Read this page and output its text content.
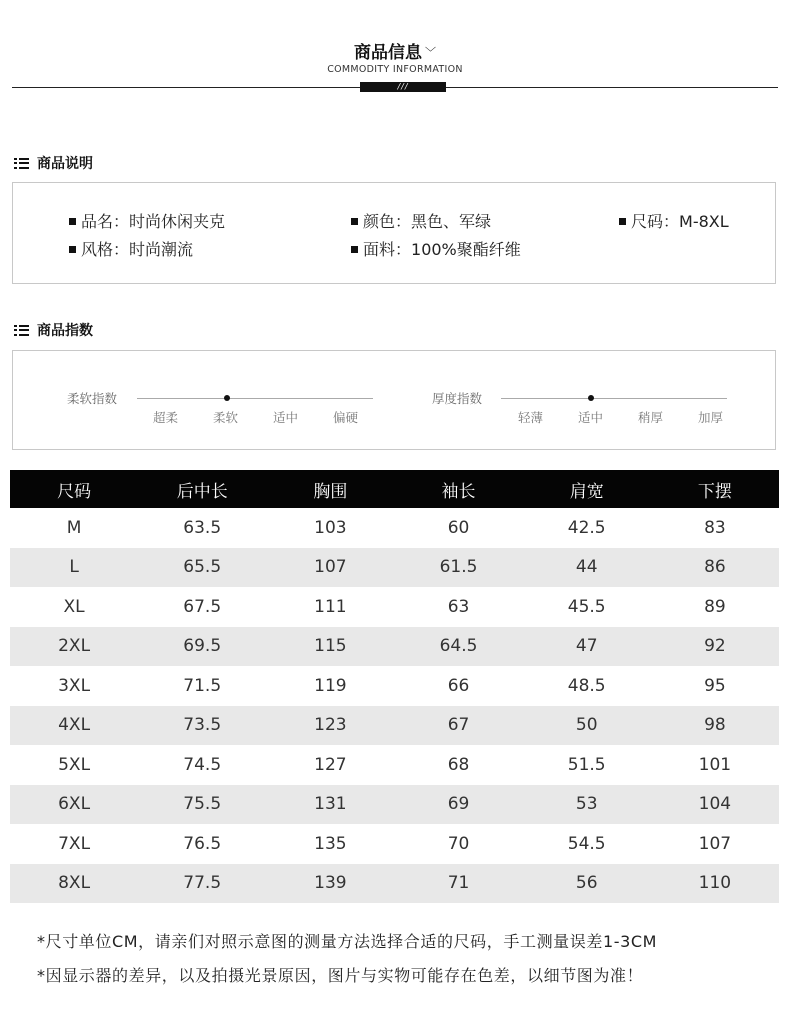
商品信息 ﹀
COMMODITY INFORMATION
///
商品说明
品名：时尚休闲夹克	颜色：黑色、军绿	尺码：M-8XL
风格：时尚潮流	面料：100%聚酯纤维
商品指数
柔软指数
超柔	柔软	适中	偏硬
厚度指数
轻薄	适中	稍厚	加厚
尺码	后中长	胸围	袖长	肩宽	下摆
M	63.5	103	60	42.5	83
L	65.5	107	61.5	44	86
XL	67.5	111	63	45.5	89
2XL	69.5	115	64.5	47	92
3XL	71.5	119	66	48.5	95
4XL	73.5	123	67	50	98
5XL	74.5	127	68	51.5	101
6XL	75.5	131	69	53	104
7XL	76.5	135	70	54.5	107
8XL	77.5	139	71	56	110
*尺寸单位CM，请亲们对照示意图的测量方法选择合适的尺码，手工测量误差1-3CM
*因显示器的差异，以及拍摄光景原因，图片与实物可能存在色差，以细节图为准！
